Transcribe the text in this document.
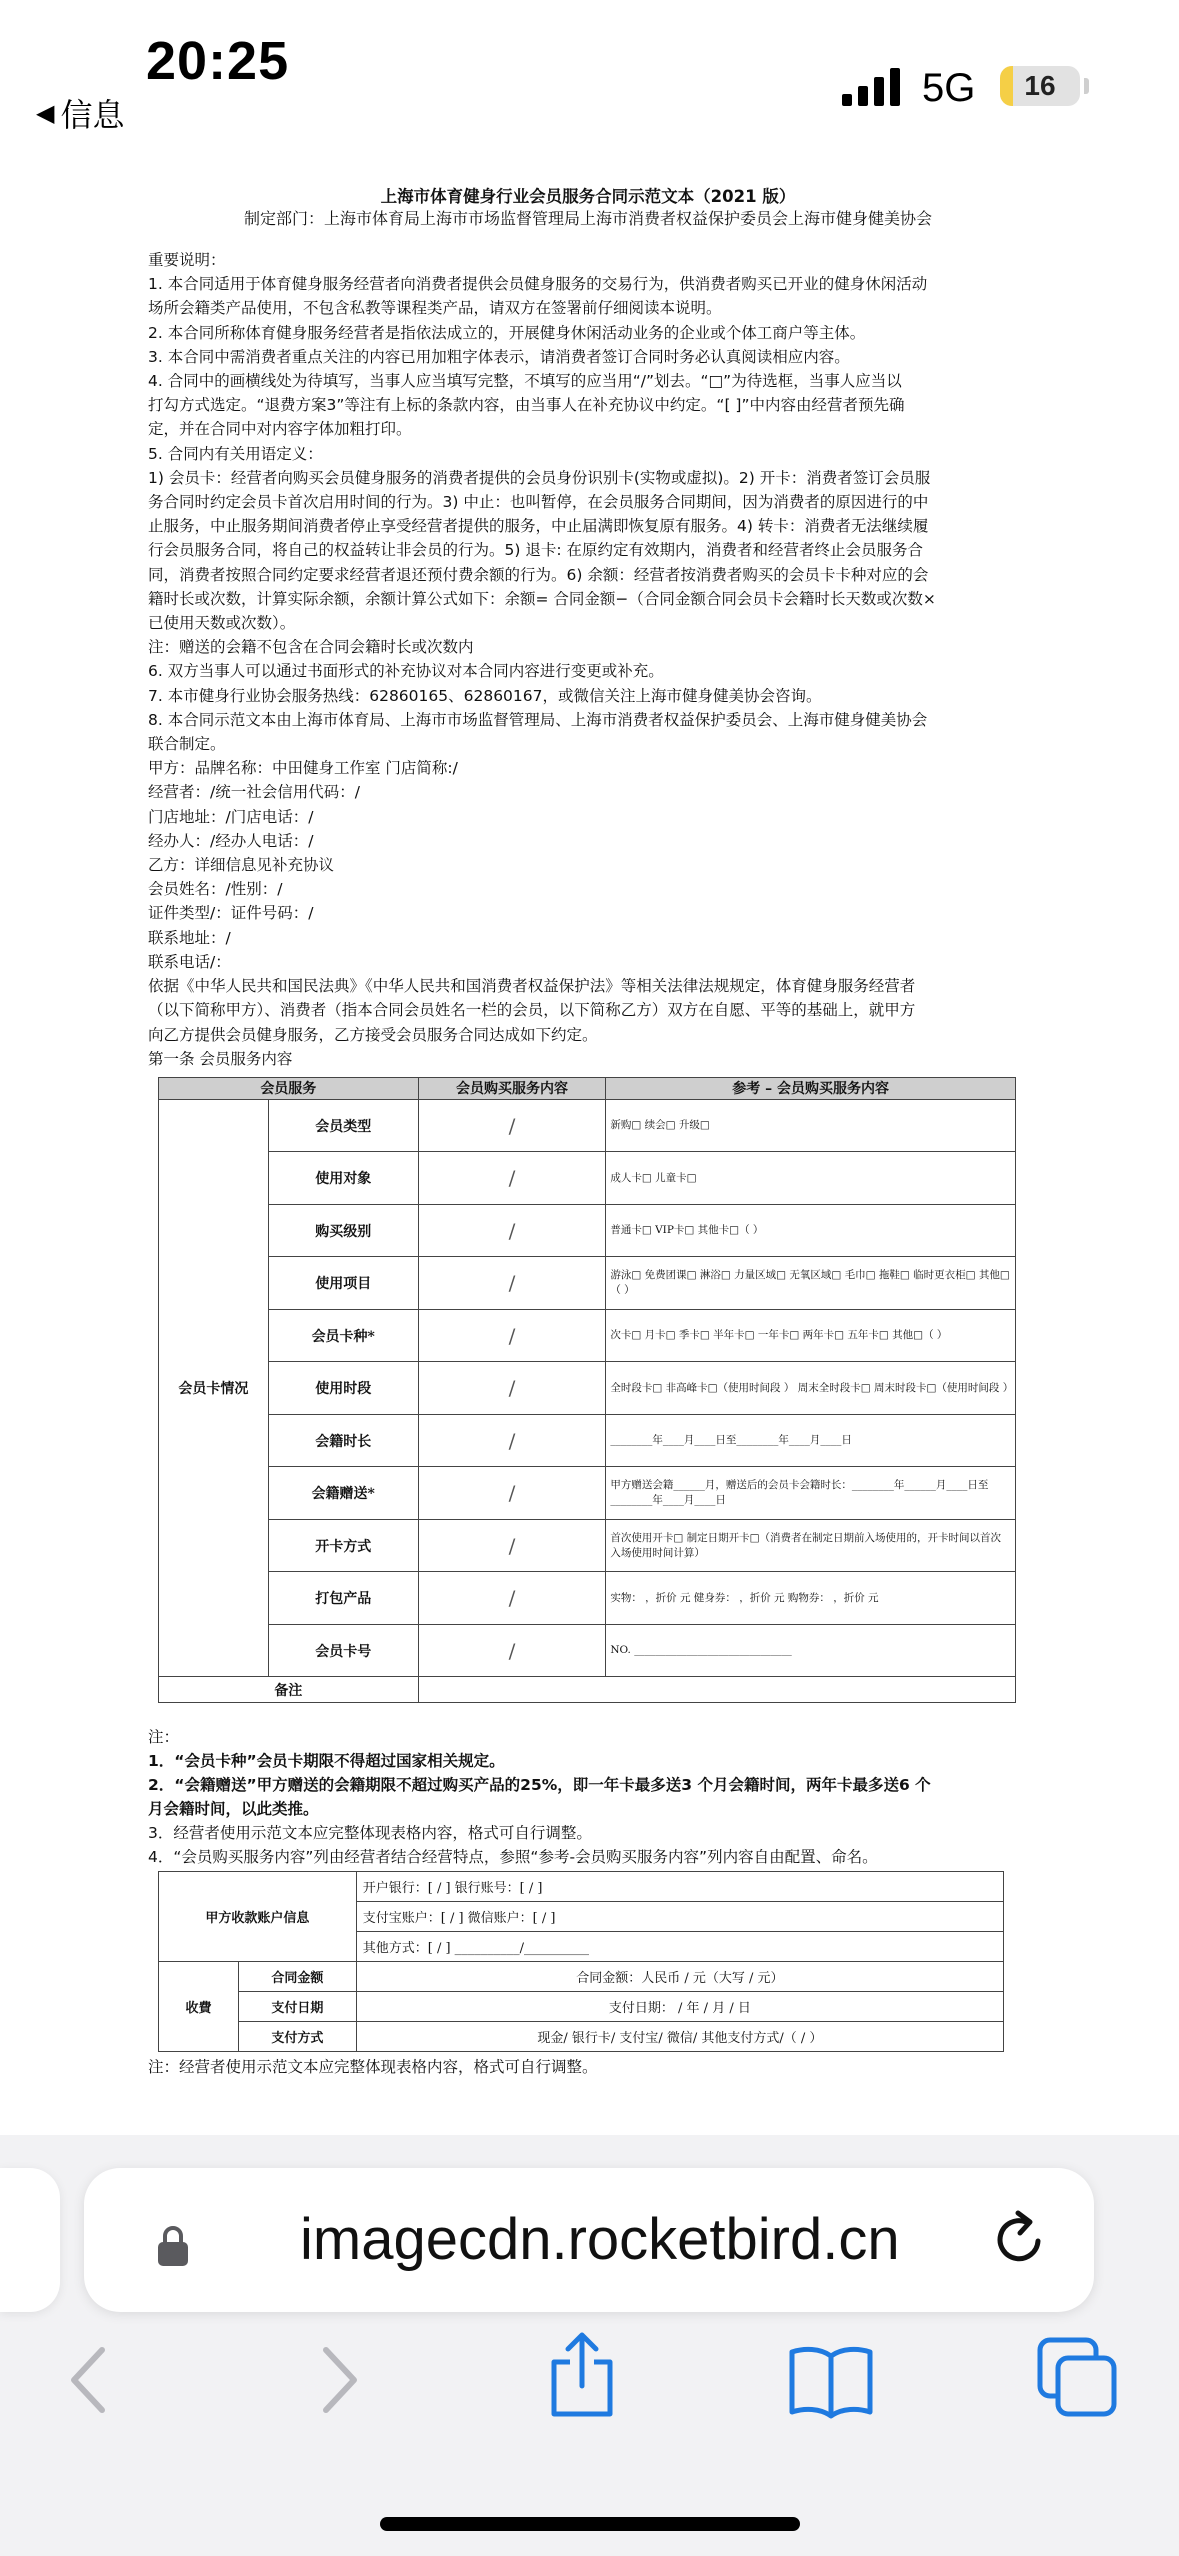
20:25
◀ 信息
5G	16
上海市体育健身行业会员服务合同示范文本（2021 版）
制定部门：上海市体育局上海市市场监督管理局上海市消费者权益保护委员会上海市健身健美协会

重要说明：

1. 本合同适用于体育健身服务经营者向消费者提供会员健身服务的交易行为，供消费者购买已开业的健身休闲活动

场所会籍类产品使用，不包含私教等课程类产品，请双方在签署前仔细阅读本说明。

2. 本合同所称体育健身服务经营者是指依法成立的，开展健身休闲活动业务的企业或个体工商户等主体。

3. 本合同中需消费者重点关注的内容已用加粗字体表示，请消费者签订合同时务必认真阅读相应内容。

4. 合同中的画横线处为待填写，当事人应当填写完整，不填写的应当用“/”划去。“□”为待选框，当事人应当以

打勾方式选定。“退费方案3”等注有上标的条款内容，由当事人在补充协议中约定。“[ ]”中内容由经营者预先确

定，并在合同中对内容字体加粗打印。

5. 合同内有关用语定义：

1) 会员卡：经营者向购买会员健身服务的消费者提供的会员身份识别卡(实物或虚拟)。2) 开卡：消费者签订会员服

务合同时约定会员卡首次启用时间的行为。3) 中止：也叫暂停，在会员服务合同期间，因为消费者的原因进行的中

止服务，中止服务期间消费者停止享受经营者提供的服务，中止届满即恢复原有服务。4) 转卡：消费者无法继续履

行会员服务合同，将自己的权益转让非会员的行为。5) 退卡: 在原约定有效期内，消费者和经营者终止会员服务合

同，消费者按照合同约定要求经营者退还预付费余额的行为。6) 余额：经营者按消费者购买的会员卡卡种对应的会

籍时长或次数，计算实际余额，余额计算公式如下：余额= 合同金额−（合同金额合同会员卡会籍时长天数或次数×

已使用天数或次数）。

注：赠送的会籍不包含在合同会籍时长或次数内

6. 双方当事人可以通过书面形式的补充协议对本合同内容进行变更或补充。

7. 本市健身行业协会服务热线：62860165、62860167，或微信关注上海市健身健美协会咨询。

8. 本合同示范文本由上海市体育局、上海市市场监督管理局、上海市消费者权益保护委员会、上海市健身健美协会

联合制定。

甲方：品牌名称：中田健身工作室 门店简称:/

经营者：/统一社会信用代码：/

门店地址：/门店电话：/

经办人：/经办人电话：/

乙方：详细信息见补充协议

会员姓名：/性别：/

证件类型/：证件号码：/

联系地址：/

联系电话/：

依据《中华人民共和国民法典》《中华人民共和国消费者权益保护法》等相关法律法规规定，体育健身服务经营者

（以下简称甲方）、消费者（指本合同会员姓名一栏的会员，以下简称乙方）双方在自愿、平等的基础上，就甲方

向乙方提供会员健身服务，乙方接受会员服务合同达成如下约定。

第一条 会员服务内容

会员服务		会员购买服务内容	参考 – 会员购买服务内容
会员卡情况	会员类型	/	新购□ 续会□ 升级□
	使用对象	/	成人卡□ 儿童卡□
	购买级别	/	普通卡□ VIP卡□ 其他卡□（ ）
	使用项目	/	游泳□ 免费团课□ 淋浴□ 力量区域□ 无氧区域□ 毛巾□ 拖鞋□ 临时更衣柜□ 其他□（ ）
	会员卡种*	/	次卡□ 月卡□ 季卡□ 半年卡□ 一年卡□ 两年卡□ 五年卡□ 其他□（ ）
	使用时段	/	全时段卡□ 非高峰卡□（使用时间段 ） 周末全时段卡□ 周末时段卡□（使用时间段 ）
	会籍时长	/	________年____月____日至________年____月____日
	会籍赠送*	/	甲方赠送会籍______月，赠送后的会员卡会籍时长：________年______月____日至________年____月____日
	开卡方式	/	首次使用开卡□ 制定日期开卡□（消费者在制定日期前入场使用的，开卡时间以首次入场使用时间计算）
	打包产品	/	实物： ，折价 元 健身券： ，折价 元 购物券： ，折价 元
	会员卡号	/	NO. ______________________________
备注			

注：

1．“会员卡种”会员卡期限不得超过国家相关规定。

2．“会籍赠送”甲方赠送的会籍期限不超过购买产品的25%，即一年卡最多送3 个月会籍时间，两年卡最多送6 个

月会籍时间，以此类推。

3．经营者使用示范文本应完整体现表格内容，格式可自行调整。

4．“会员购买服务内容”列由经营者结合经营特点，参照“参考-会员购买服务内容”列内容自由配置、命名。

甲方收款账户信息		开户银行：[ / ] 银行账号：[ / ]
		支付宝账户：[ / ] 微信账户：[ / ]
		其他方式：[ / ] __________/__________
收費	合同金额	合同金额：人民币 / 元（大写 / 元）
	支付日期	支付日期： / 年 / 月 / 日
	支付方式	现金/ 银行卡/ 支付宝/ 微信/ 其他支付方式/（ / ）
注：经营者使用示范文本应完整体现表格内容，格式可自行调整。
imagecdn.rocketbird.cn
